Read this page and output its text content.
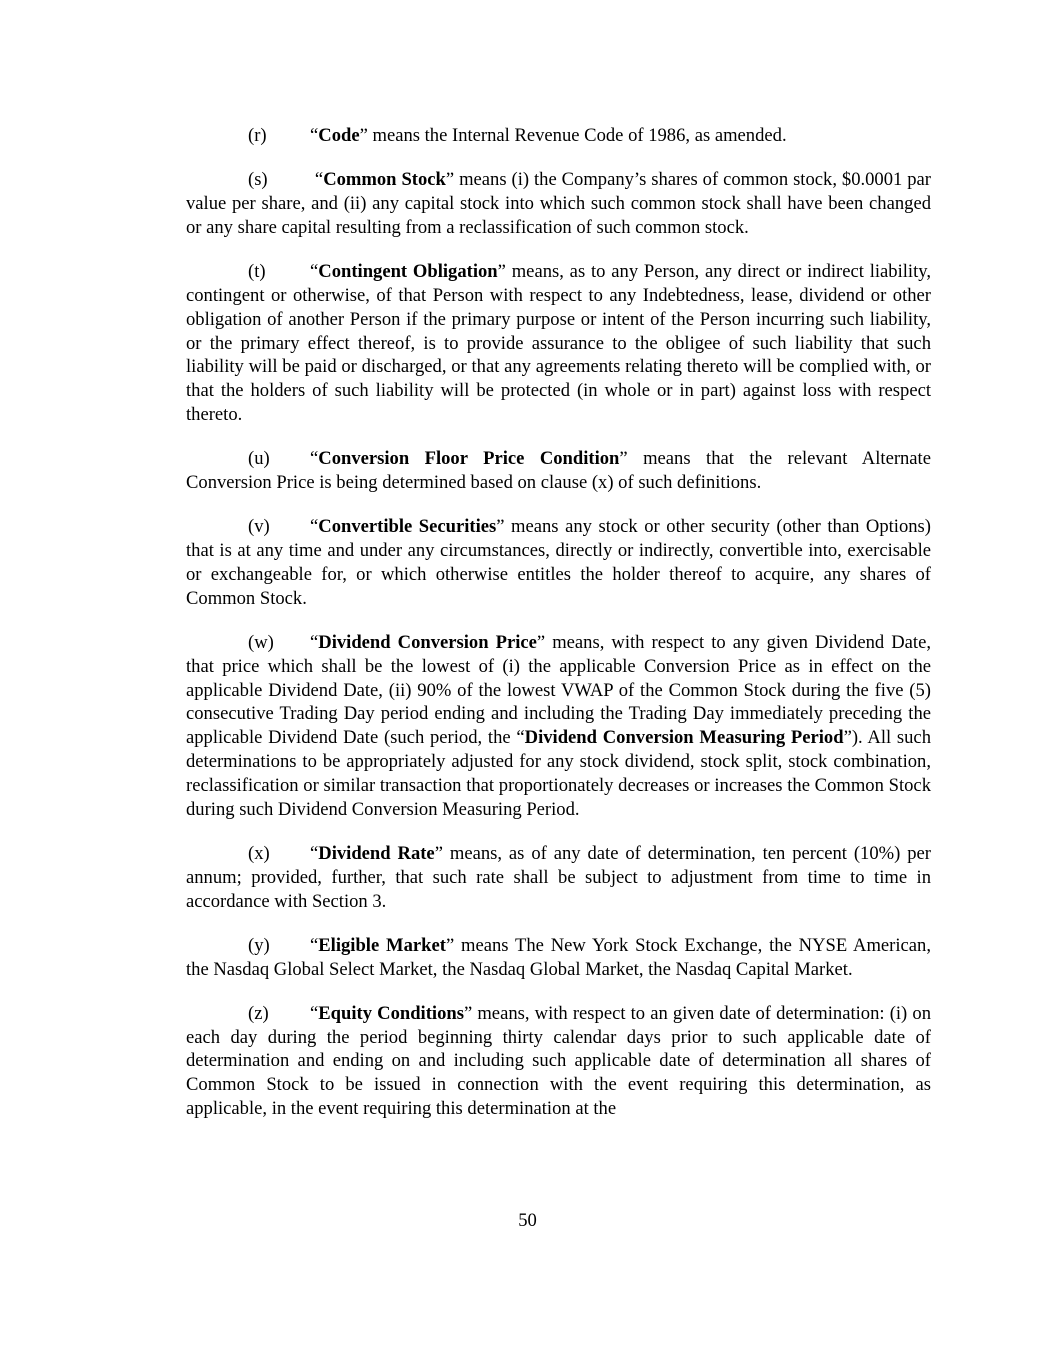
(r) “Code” means the Internal Revenue Code of 1986, as amended.

(s) “Common Stock” means (i) the Company’s shares of common stock, $0.0001 par value per share, and (ii) any capital stock into which such common stock shall have been changed or any share capital resulting from a reclassification of such common stock.

(t) “Contingent Obligation” means, as to any Person, any direct or indirect liability, contingent or otherwise, of that Person with respect to any Indebtedness, lease, dividend or other obligation of another Person if the primary purpose or intent of the Person incurring such liability, or the primary effect thereof, is to provide assurance to the obligee of such liability that such liability will be paid or discharged, or that any agreements relating thereto will be complied with, or that the holders of such liability will be protected (in whole or in part) against loss with respect thereto.

(u) “Conversion Floor Price Condition” means that the relevant Alternate Conversion Price is being determined based on clause (x) of such definitions.

(v) “Convertible Securities” means any stock or other security (other than Options) that is at any time and under any circumstances, directly or indirectly, convertible into, exercisable or exchangeable for, or which otherwise entitles the holder thereof to acquire, any shares of Common Stock.

(w) “Dividend Conversion Price” means, with respect to any given Dividend Date, that price which shall be the lowest of (i) the applicable Conversion Price as in effect on the applicable Dividend Date, (ii) 90% of the lowest VWAP of the Common Stock during the five (5) consecutive Trading Day period ending and including the Trading Day immediately preceding the applicable Dividend Date (such period, the “Dividend Conversion Measuring Period”). All such determinations to be appropriately adjusted for any stock dividend, stock split, stock combination, reclassification or similar transaction that proportionately decreases or increases the Common Stock during such Dividend Conversion Measuring Period.

(x) “Dividend Rate” means, as of any date of determination, ten percent (10%) per annum; provided, further, that such rate shall be subject to adjustment from time to time in accordance with Section 3.

(y) “Eligible Market” means The New York Stock Exchange, the NYSE American, the Nasdaq Global Select Market, the Nasdaq Global Market, the Nasdaq Capital Market.

(z) “Equity Conditions” means, with respect to an given date of determination: (i) on each day during the period beginning thirty calendar days prior to such applicable date of determination and ending on and including such applicable date of determination all shares of Common Stock to be issued in connection with the event requiring this determination, as applicable, in the event requiring this determination at the

50
